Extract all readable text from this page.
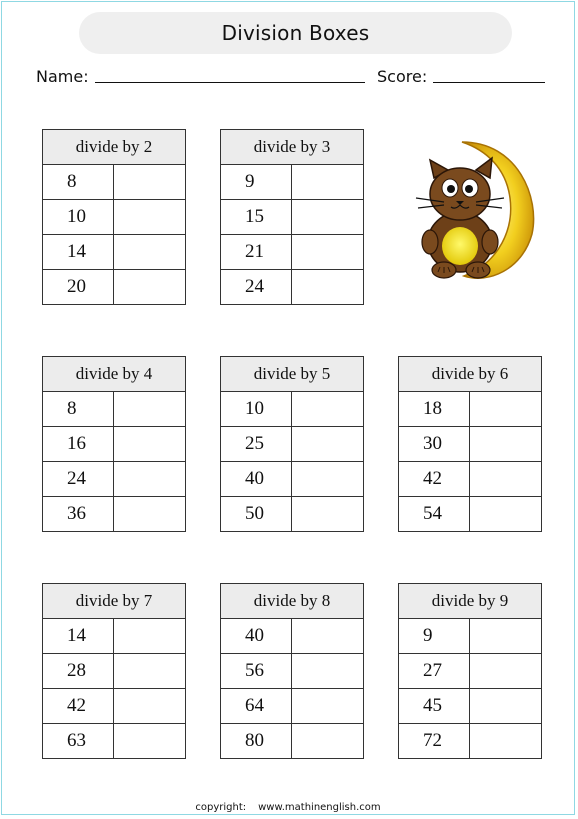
Division Boxes
Name:	Score:
divide by 2
8
10
14
20
divide by 3
9
15
21
24
divide by 4
8
16
24
36
divide by 5
10
25
40
50
divide by 6
18
30
42
54
divide by 7
14
28
42
63
divide by 8
40
56
64
80
divide by 9
9
27
45
72
copyright: www.mathinenglish.com
